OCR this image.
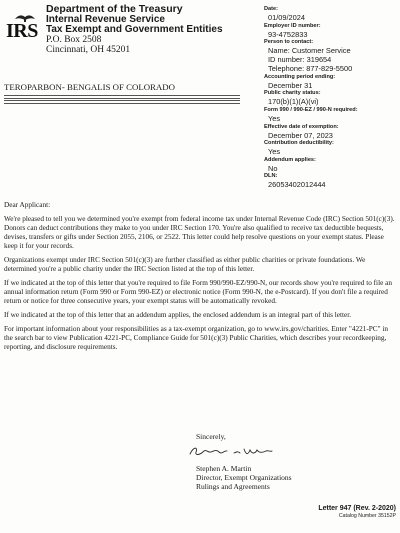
IRS
Department of the Treasury
Internal Revenue Service
Tax Exempt and Government Entities
P.O. Box 2508
Cincinnati, OH 45201
Date:
01/09/2024
Employer ID number:
93-4752833
Person to contact:
Name: Customer Service
ID number: 319654
Telephone: 877-829-5500
Accounting period ending:
December 31
Public charity status:
170(b)(1)(A)(vi)
Form 990 / 990-EZ / 990-N required:
Yes
Effective date of exemption:
December 07, 2023
Contribution deductibility:
Yes
Addendum applies:
No
DLN:
26053402012444
TEROPARBON- BENGALIS OF COLORADO

Dear Applicant:

We're pleased to tell you we determined you're exempt from federal income tax under Internal Revenue Code (IRC) Section 501(c)(3). Donors can deduct contributions they make to you under IRC Section 170. You're also qualified to receive tax deductible bequests, devises, transfers or gifts under Section 2055, 2106, or 2522. This letter could help resolve questions on your exempt status. Please keep it for your records.

Organizations exempt under IRC Section 501(c)(3) are further classified as either public charities or private foundations. We determined you're a public charity under the IRC Section listed at the top of this letter.

If we indicated at the top of this letter that you're required to file Form 990/990-EZ/990-N, our records show you're required to file an annual information return (Form 990 or Form 990-EZ) or electronic notice (Form 990-N, the e-Postcard). If you don't file a required return or notice for three consecutive years, your exempt status will be automatically revoked.

If we indicated at the top of this letter that an addendum applies, the enclosed addendum is an integral part of this letter.

For important information about your responsibilities as a tax-exempt organization, go to www.irs.gov/charities. Enter "4221-PC" in the search bar to view Publication 4221-PC, Compliance Guide for 501(c)(3) Public Charities, which describes your recordkeeping, reporting, and disclosure requirements.

Sincerely,
Stephen A. Martin
Director, Exempt Organizations
Rulings and Agreements
Letter 947 (Rev. 2-2020)
Catalog Number 35152P
